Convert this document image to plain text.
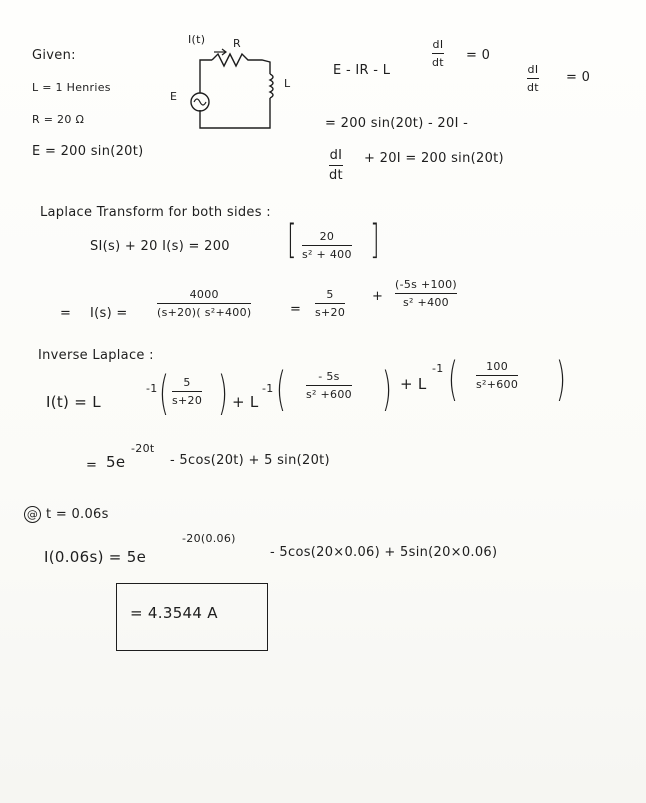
Given:
L = 1 Henries
R = 20 Ω
E = 200 sin(20t)
I(t)	R
L
E
E - IR - L
dI
dt = 0
= 200 sin(20t) - 20I -
dI
dt
= 0
dI
dt
+ 20I = 200 sin(20t)
Laplace Transform for both sides :
SI(s) + 20 I(s) = 200 [ 20
s² + 400 ]
= I(s) =
4000
(s+20)( s²+400)	=
5
s+20
+
(-5s +100)
s² +400
Inverse Laplace :
I(t) = L
-1 ( 5
s+20 ) + L
-1 (	- 5s
s² +600 ) + L
-1 (	100
s²+600 )
= 5e
-20t
- 5cos(20t) + 5 sin(20t)
@ t = 0.06s
I(0.06s) = 5e
-20(0.06)
- 5cos(20×0.06) + 5sin(20×0.06)
= 4.3544 A
